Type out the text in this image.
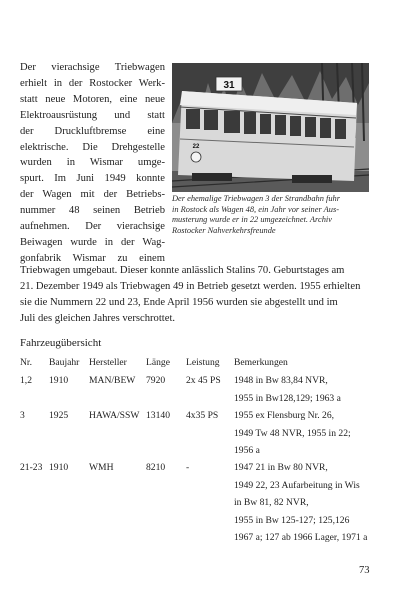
Der vierachsige Triebwagen
erhielt in der Rostocker Werk-
statt neue Motoren, eine neue
Elektroausrüstung und statt
der Druckluftbremse eine
elektrische. Die Drehgestelle
wurden in Wismar umge-
spurt. Im Juni 1949 konnte
der Wagen mit der Betriebs-
nummer 48 seinen Betrieb
aufnehmen. Der vierachsige
Beiwagen wurde in der Wag-
gonfabrik Wismar zu einem
31
22
Der ehemalige Triebwagen 3 der Strandbahn fuhr
in Rostock als Wagen 48, ein Jahr vor seiner Aus-
musterung wurde er in 22 umgezeichnet. Archiv
Rostocker Nahverkehrsfreunde
Triebwagen umgebaut. Dieser konnte anlässlich Stalins 70. Geburtstages am
21. Dezember 1949 als Triebwagen 49 in Betrieb gesetzt werden. 1955 erhielten
sie die Nummern 22 und 23, Ende April 1956 wurden sie abgestellt und im
Juli des gleichen Jahres verschrottet.
Fahrzeugübersicht
Nr. Baujahr Hersteller Länge Leistung Bemerkungen
1,2 1910 MAN/BEW 7920 2x 45 PS 1948 in Bw 83,84 NVR,
1955 in Bw128,129; 1963 a
3	1925 HAWA/SSW 13140 4x35 PS 1955 ex Flensburg Nr. 26,
1949 Tw 48 NVR, 1955 in 22;
1956 a
21-23 1910 WMH	8210 -	1947 21 in Bw 80 NVR,
1949 22, 23 Aufarbeitung in Wis
in Bw 81, 82 NVR,
1955 in Bw 125-127; 125,126
1967 a; 127 ab 1966 Lager, 1971 a
73
